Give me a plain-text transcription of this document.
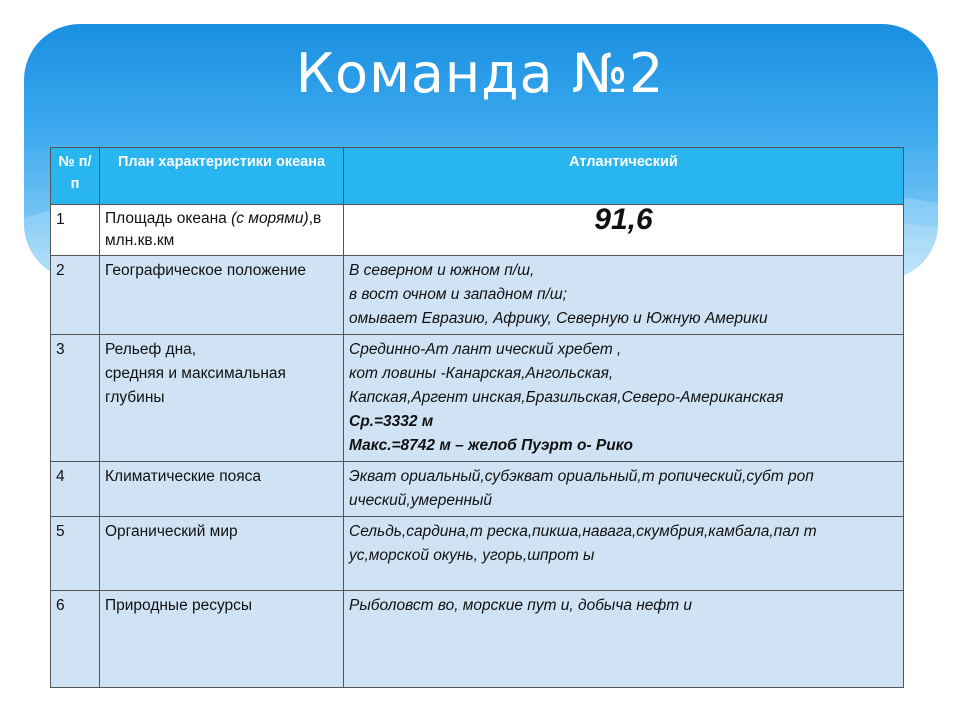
Команда №2
№ п/п	План характеристики океана	Атлантический
1	Площадь океана (с морями),в млн.кв.км	91,6
2	Географическое положение	В северном и южном п/ш,
в вост очном и западном п/ш;
омывает Евразию, Африку, Северную и Южную Америки

3	Рельеф дна,
средняя и максимальная глубины	Срединно-Ат лант ический хребет ,
кот ловины -Канарская,Ангольская,
Капская,Аргент инская,Бразильская,Северо-Американская
Ср.=3332 м
Макс.=8742 м – желоб Пуэрт о- Рико

4	Климатические пояса	Экват ориальный,субэкват ориальный,т ропический,субт роп ический,умеренный
5	Органический мир	Сельдь,сардина,т реска,пикша,навага,скумбрия,камбала,пал т ус,морской окунь, угорь,шпрот ы
6	Природные ресурсы	Рыболовст во, морские пут и, добыча нефт и
